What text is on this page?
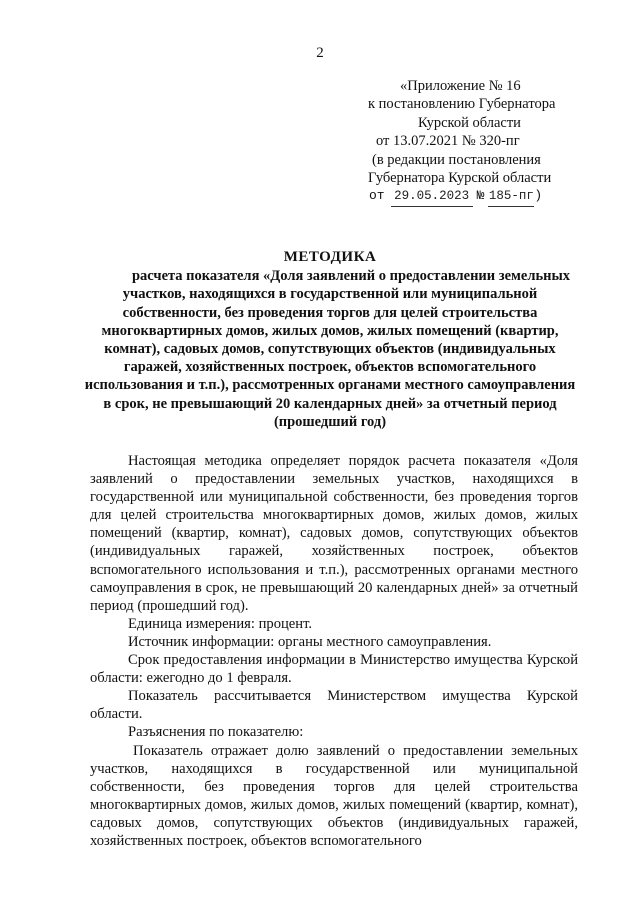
2
«Приложение № 16
к постановлению Губернатора
Курской области
от 13.07.2021 № 320-пг
(в редакции постановления
Губернатора Курской области
от 29.05.2023 № 185-пг)
МЕТОДИКА
расчета показателя «Доля заявлений о предоставлении земельных участков, находящихся в государственной или муниципальной собственности, без проведения торгов для целей строительства многоквартирных домов, жилых домов, жилых помещений (квартир, комнат), садовых домов, сопутствующих объектов (индивидуальных гаражей, хозяйственных построек, объектов вспомогательного использования и т.п.), рассмотренных органами местного самоуправления в срок, не превышающий 20 календарных дней» за отчетный период (прошедший год)

Настоящая методика определяет порядок расчета показателя «Доля заявлений о предоставлении земельных участков, находящихся в государственной или муниципальной собственности, без проведения торгов для целей строительства многоквартирных домов, жилых домов, жилых помещений (квартир, комнат), садовых домов, сопутствующих объектов (индивидуальных гаражей, хозяйственных построек, объектов вспомогательного использования и т.п.), рассмотренных органами местного самоуправления в срок, не превышающий 20 календарных дней» за отчетный период (прошедший год).

Единица измерения: процент.

Источник информации: органы местного самоуправления.

Срок предоставления информации в Министерство имущества Курской области: ежегодно до 1 февраля.

Показатель рассчитывается Министерством имущества Курской области.

Разъяснения по показателю:

Показатель отражает долю заявлений о предоставлении земельных участков, находящихся в государственной или муниципальной собственности, без проведения торгов для целей строительства многоквартирных домов, жилых домов, жилых помещений (квартир, комнат), садовых домов, сопутствующих объектов (индивидуальных гаражей, хозяйственных построек, объектов вспомогательного
